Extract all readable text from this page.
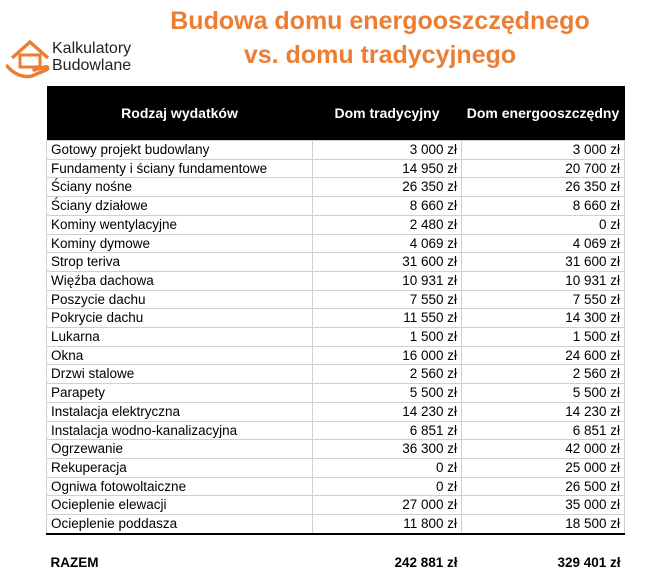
Budowa domu energooszczędnego
vs. domu tradycyjnego
Kalkulatory
Budowlane
Rodzaj wydatków	Dom tradycyjny	Dom energooszczędny
Gotowy projekt budowlany	3 000 zł	3 000 zł
Fundamenty i ściany fundamentowe	14 950 zł	20 700 zł
Ściany nośne	26 350 zł	26 350 zł
Ściany działowe	8 660 zł	8 660 zł
Kominy wentylacyjne	2 480 zł	0 zł
Kominy dymowe	4 069 zł	4 069 zł
Strop teriva	31 600 zł	31 600 zł
Więźba dachowa	10 931 zł	10 931 zł
Poszycie dachu	7 550 zł	7 550 zł
Pokrycie dachu	11 550 zł	14 300 zł
Lukarna	1 500 zł	1 500 zł
Okna	16 000 zł	24 600 zł
Drzwi stalowe	2 560 zł	2 560 zł
Parapety	5 500 zł	5 500 zł
Instalacja elektryczna	14 230 zł	14 230 zł
Instalacja wodno-kanalizacyjna	6 851 zł	6 851 zł
Ogrzewanie	36 300 zł	42 000 zł
Rekuperacja	0 zł	25 000 zł
Ogniwa fotowoltaiczne	0 zł	26 500 zł
Ocieplenie elewacji	27 000 zł	35 000 zł
Ocieplenie poddasza	11 800 zł	18 500 zł

RAZEM	242 881 zł	329 401 zł
